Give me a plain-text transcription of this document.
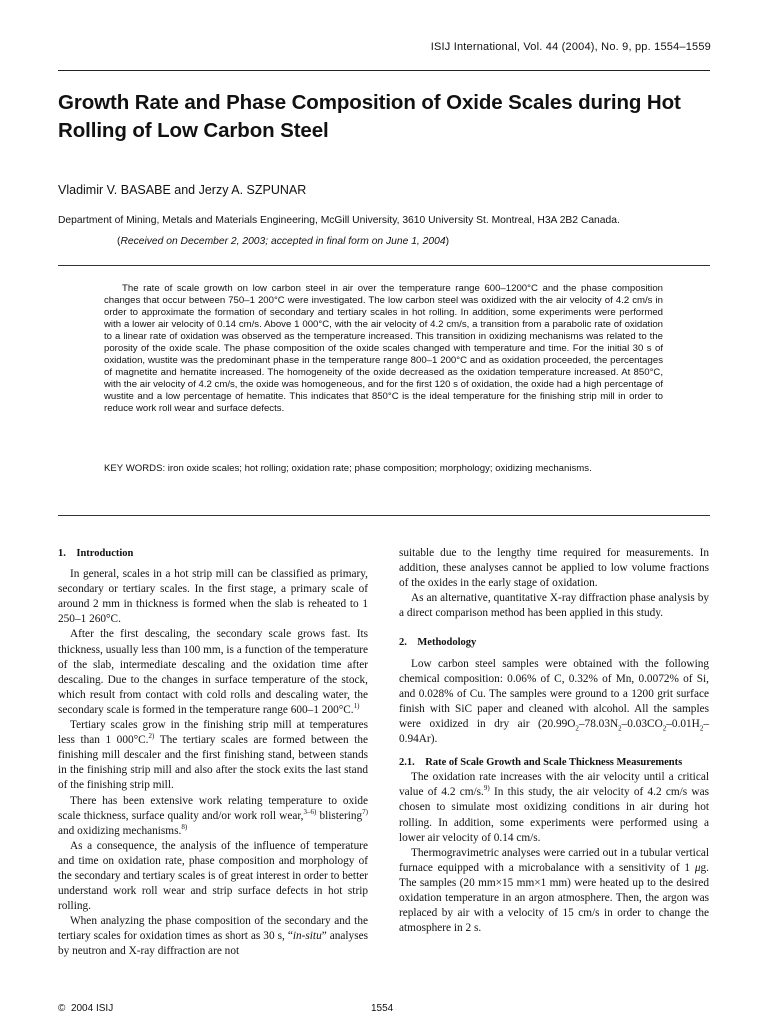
ISIJ International, Vol. 44 (2004), No. 9, pp. 1554–1559
Growth Rate and Phase Composition of Oxide Scales during Hot Rolling of Low Carbon Steel
Vladimir V. BASABE and Jerzy A. SZPUNAR
Department of Mining, Metals and Materials Engineering, McGill University, 3610 University St. Montreal, H3A 2B2 Canada.
(Received on December 2, 2003; accepted in final form on June 1, 2004)

The rate of scale growth on low carbon steel in air over the temperature range 600–1200°C and the phase composition changes that occur between 750–1 200°C were investigated. The low carbon steel was oxidized with the air velocity of 4.2 cm/s in order to approximate the formation of secondary and tertiary scales in hot rolling. In addition, some experiments were performed with a lower air velocity of 0.14 cm/s. Above 1 000°C, with the air velocity of 4.2 cm/s, a transition from a parabolic rate of oxidation to a linear rate of oxidation was observed as the temperature increased. This transition in oxidizing mechanisms was related to the porosity of the oxide scale. The phase composition of the oxide scales changed with temperature and time. For the initial 30 s of oxidation, wustite was the predominant phase in the temperature range 800–1 200°C and as oxidation proceeded, the percentages of magnetite and hematite increased. The homogeneity of the oxide decreased as the oxidation temperature increased. At 850°C, with the air velocity of 4.2 cm/s, the oxide was homogeneous, and for the first 120 s of oxidation, the oxide had a high percentage of wustite and a low percentage of hematite. This indicates that 850°C is the ideal temperature for the finishing strip mill in order to reduce work roll wear and surface defects.

KEY WORDS: iron oxide scales; hot rolling; oxidation rate; phase composition; morphology; oxidizing mechanisms.

1. Introduction

In general, scales in a hot strip mill can be classified as primary, secondary or tertiary scales. In the first stage, a primary scale of around 2 mm in thickness is formed when the slab is reheated to 1 250–1 260°C.

After the first descaling, the secondary scale grows fast. Its thickness, usually less than 100 mm, is a function of the temperature of the slab, intermediate descaling and the oxidation time after descaling. Due to the changes in surface temperature of the stock, which result from contact with cold rolls and descaling water, the secondary scale is formed in the temperature range 600–1 200°C.$^{1)}$

Tertiary scales grow in the finishing strip mill at temperatures less than 1 000°C.$^{2)}$ The tertiary scales are formed between the finishing mill descaler and the first finishing stand, between stands in the finishing strip mill and also after the stock exits the last stand of the finishing strip mill.

There has been extensive work relating temperature to oxide scale thickness, surface quality and/or work roll wear,$^{3-6)}$ blistering$^{7)}$ and oxidizing mechanisms.$^{8)}$

As a consequence, the analysis of the influence of temperature and time on oxidation rate, phase composition and morphology of the secondary and tertiary scales is of great interest in order to better understand work roll wear and strip surface defects in hot strip rolling.

When analyzing the phase composition of the secondary and the tertiary scales for oxidation times as short as 30 s, “in-situ” analyses by neutron and X-ray diffraction are not

suitable due to the lengthy time required for measurements. In addition, these analyses cannot be applied to low volume fractions of the oxides in the early stage of oxidation.

As an alternative, quantitative X-ray diffraction phase analysis by a direct comparison method has been applied in this study.

2. Methodology

Low carbon steel samples were obtained with the following chemical composition: 0.06% of C, 0.32% of Mn, 0.0072% of Si, and 0.028% of Cu. The samples were ground to a 1200 grit surface finish with SiC paper and cleaned with alcohol. All the samples were oxidized in dry air $(20.99O_2-78.03N_2-0.03CO_2-0.01H_2-0.94Ar)$.

2.1. Rate of Scale Growth and Scale Thickness Measurements

The oxidation rate increases with the air velocity until a critical value of 4.2 cm/s.$^{9)}$ In this study, the air velocity of 4.2 cm/s was chosen to simulate most oxidizing conditions in air during hot rolling. In addition, some experiments were performed using a lower air velocity of 0.14 cm/s.

Thermogravimetric analyses were carried out in a tubular vertical furnace equipped with a microbalance with a sensitivity of 1 μg. The samples (20 mm×15 mm×1 mm) were heated up to the desired oxidation temperature in an argon atmosphere. Then, the argon was replaced by air with a velocity of 15 cm/s in order to change the atmosphere in 2 s.

© 2004 ISIJ	1554
